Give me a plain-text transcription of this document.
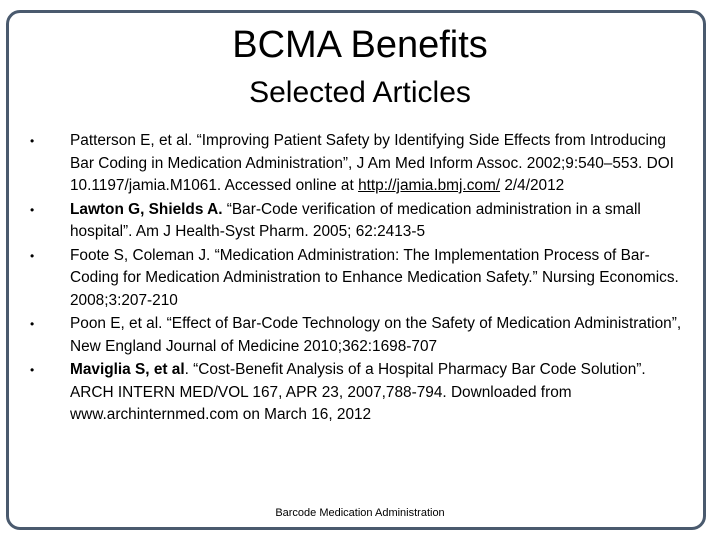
BCMA Benefits
Selected Articles
•	Patterson E, et al. “Improving Patient Safety by Identifying Side Effects from Introducing Bar Coding in Medication Administration”, J Am Med Inform Assoc. 2002;9:540–553. DOI 10.1197/jamia.M1061. Accessed online at http://jamia.bmj.com/ 2/4/2012
•	Lawton G, Shields A. “Bar-Code verification of medication administration in a small hospital”. Am J Health-Syst Pharm. 2005; 62:2413-5
•	Foote S, Coleman J. “Medication Administration: The Implementation Process of Bar-Coding for Medication Administration to Enhance Medication Safety.” Nursing Economics. 2008;3:207-210
•	Poon E, et al. “Effect of Bar-Code Technology on the Safety of Medication Administration”, New England Journal of Medicine 2010;362:1698-707
•	Maviglia S, et al. “Cost-Benefit Analysis of a Hospital Pharmacy Bar Code Solution”. ARCH INTERN MED/VOL 167, APR 23, 2007,788-794. Downloaded from www.archinternmed.com on March 16, 2012
Barcode Medication Administration
